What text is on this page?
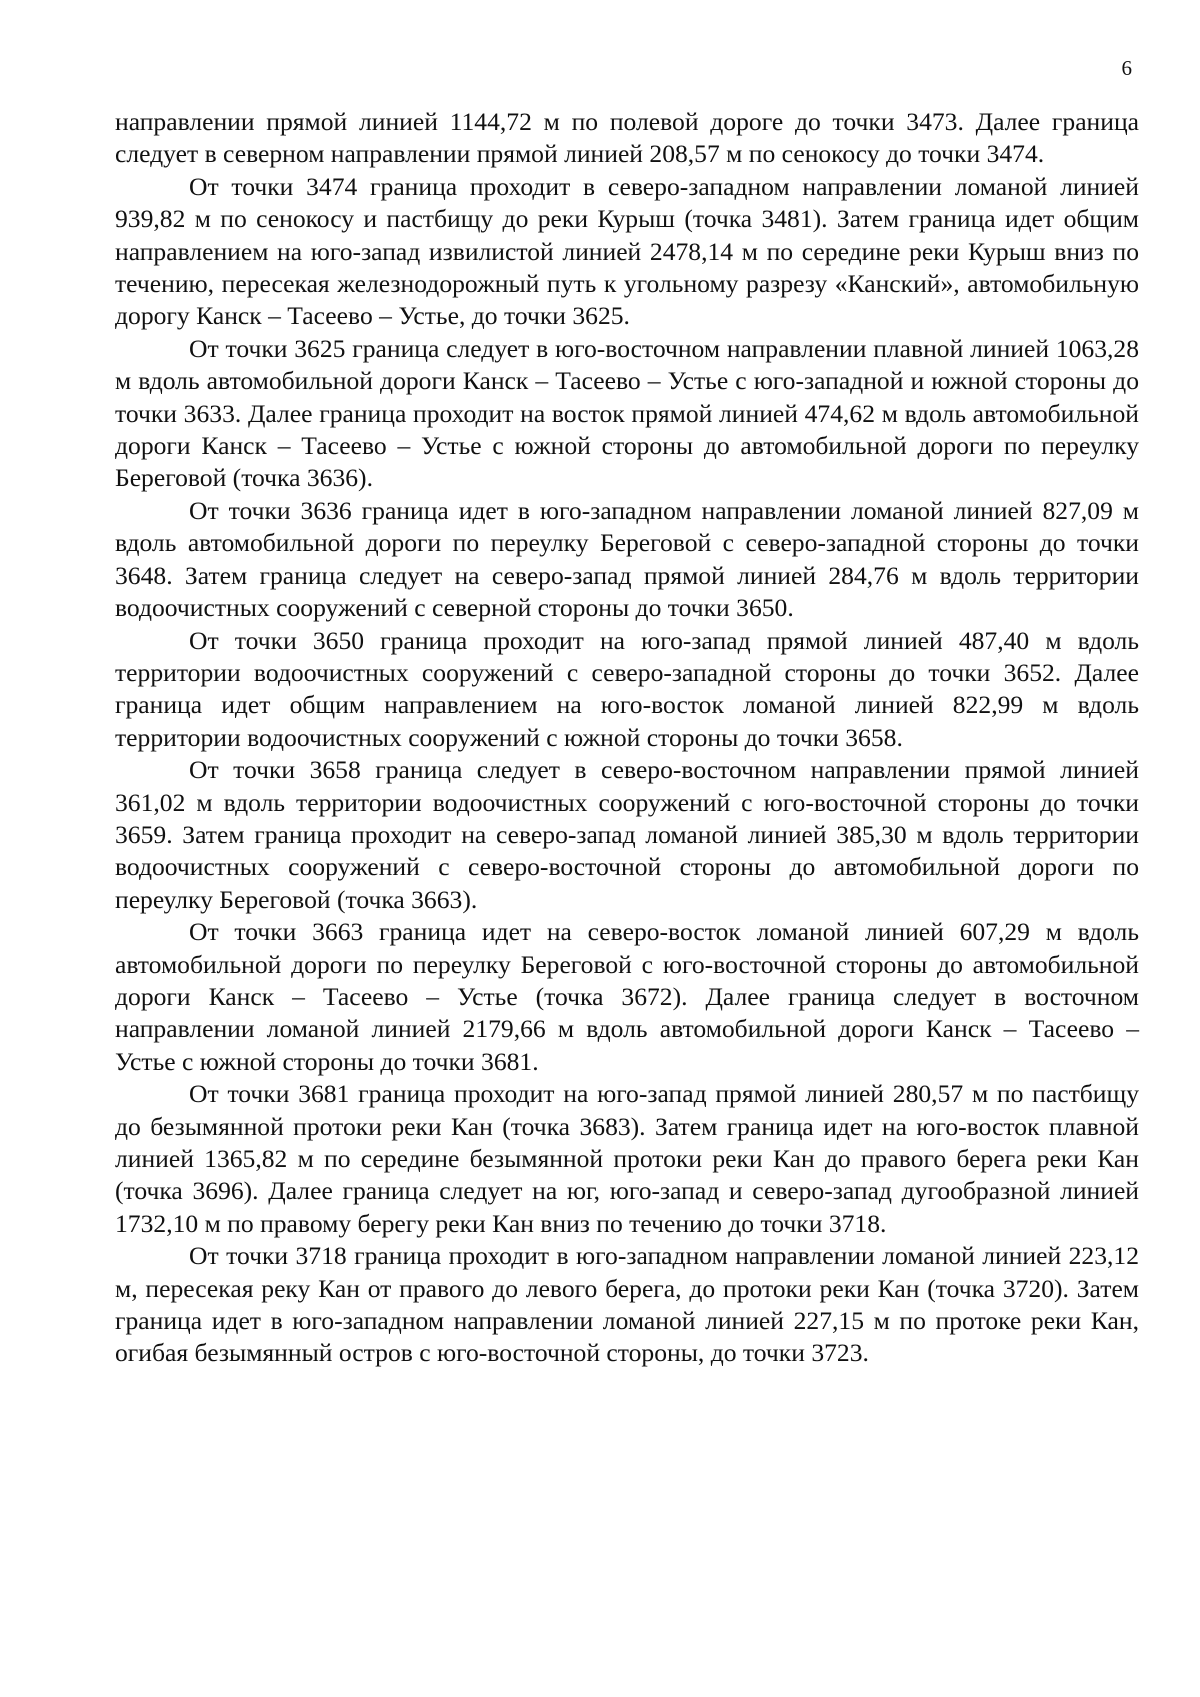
6

направлении прямой линией 1144,72 м по полевой дороге до точки 3473. Далее граница следует в северном направлении прямой линией 208,57 м по сенокосу до точки 3474.

От точки 3474 граница проходит в северо-западном направлении ломаной линией 939,82 м по сенокосу и пастбищу до реки Курыш (точка 3481). Затем граница идет общим направлением на юго-запад извилистой линией 2478,14 м по середине реки Курыш вниз по течению, пересекая железнодорожный путь к угольному разрезу «Канский», автомобильную дорогу Канск – Тасеево – Устье, до точки 3625.

От точки 3625 граница следует в юго-восточном направлении плавной линией 1063,28 м вдоль автомобильной дороги Канск – Тасеево – Устье с юго-западной и южной стороны до точки 3633. Далее граница проходит на восток прямой линией 474,62 м вдоль автомобильной дороги Канск – Тасеево – Устье с южной стороны до автомобильной дороги по переулку Береговой (точка 3636).

От точки 3636 граница идет в юго-западном направлении ломаной линией 827,09 м вдоль автомобильной дороги по переулку Береговой с северо-западной стороны до точки 3648. Затем граница следует на северо-запад прямой линией 284,76 м вдоль территории водоочистных сооружений с северной стороны до точки 3650.

От точки 3650 граница проходит на юго-запад прямой линией 487,40 м вдоль территории водоочистных сооружений с северо-западной стороны до точки 3652. Далее граница идет общим направлением на юго-восток ломаной линией 822,99 м вдоль территории водоочистных сооружений с южной стороны до точки 3658.

От точки 3658 граница следует в северо-восточном направлении прямой линией 361,02 м вдоль территории водоочистных сооружений с юго-восточной стороны до точки 3659. Затем граница проходит на северо-запад ломаной линией 385,30 м вдоль территории водоочистных сооружений с северо-восточной стороны до автомобильной дороги по переулку Береговой (точка 3663).

От точки 3663 граница идет на северо-восток ломаной линией 607,29 м вдоль автомобильной дороги по переулку Береговой с юго-восточной стороны до автомобильной дороги Канск – Тасеево – Устье (точка 3672). Далее граница следует в восточном направлении ломаной линией 2179,66 м вдоль автомобильной дороги Канск – Тасеево – Устье с южной стороны до точки 3681.

От точки 3681 граница проходит на юго-запад прямой линией 280,57 м по пастбищу до безымянной протоки реки Кан (точка 3683). Затем граница идет на юго-восток плавной линией 1365,82 м по середине безымянной протоки реки Кан до правого берега реки Кан (точка 3696). Далее граница следует на юг, юго-запад и северо-запад дугообразной линией 1732,10 м по правому берегу реки Кан вниз по течению до точки 3718.

От точки 3718 граница проходит в юго-западном направлении ломаной линией 223,12 м, пересекая реку Кан от правого до левого берега, до протоки реки Кан (точка 3720). Затем граница идет в юго-западном направлении ломаной линией 227,15 м по протоке реки Кан, огибая безымянный остров с юго-восточной стороны, до точки 3723.
